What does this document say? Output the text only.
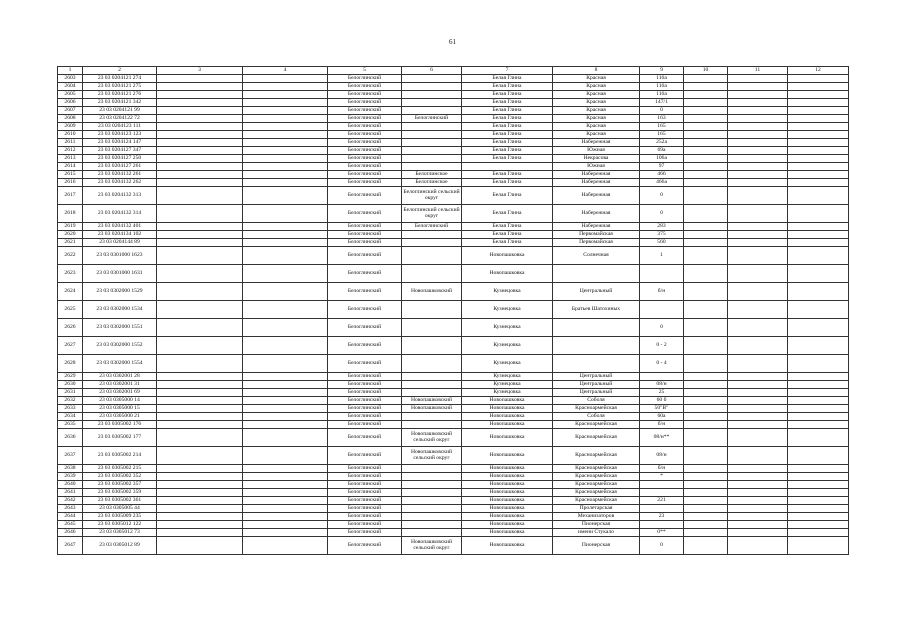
61
1	2	3	4	5	6	7	8	9	10	11	12
2603	23 03 0204121 274			Белоглинский		Белая Глина	Красная	116а			
2604	23 03 0204121 275			Белоглинский		Белая Глина	Красная	116а			
2605	23 03 0204121 276			Белоглинский		Белая Глина	Красная	116а			
2606	23 03 0204121 342			Белоглинский		Белая Глина	Красная	147/1			
2607	23 03 0204121 99			Белоглинский		Белая Глина	Красная	0			
2608	23 03 0204122 72			Белоглинский	Белоглинский	Белая Глина	Красная	163			
2609	23 03 0204123 111			Белоглинский		Белая Глина	Красная	165			
2610	23 03 0204123 123			Белоглинский		Белая Глина	Красная	165			
2611	23 03 0204124 147			Белоглинский		Белая Глина	Набережная	252а			
2612	23 03 0204127 347			Белоглинский		Белая Глина	Южная	69а			
2613	23 03 0204127 250			Белоглинский		Белая Глина	Некрасова	106а			
2614	23 03 0204127 261			Белоглинский			Южная	97			
2615	23 03 0204132 261			Белоглинский	Белоглинское	Белая Глина	Набережная	466			
2616	23 03 0204132 262			Белоглинский	Белоглинское	Белая Глина	Набережная	466а			
2617	23 03 0204132 313			Белоглинский	Белоглинский сельский округ	Белая Глина	Набережная	0			
2618	23 03 0204132 314			Белоглинский	Белоглинский сельский округ	Белая Глина	Набережная	0			
2619	23 03 0204132 401			Белоглинский	Белоглинский	Белая Глина	Набережная	283			
2620	23 03 0204134 102			Белоглинский		Белая Глина	Первомайская	375			
2621	23 03 0204144 89			Белоглинский		Белая Глина	Первомайская	560			
2622	23 03 0301000 1623			Белоглинский		Новопашковка	Солнечная	1			
2623	23 03 0301000 1631			Белоглинский		Новопашковка					
2624	23 03 0302000 1529			Белоглинский	Новопашковский	Кузнецовка	Центральный	б/н			
2625	23 03 0302000 1534			Белоглинский		Кузнецовка	Братьев Шатохиных				
2626	23 03 0302000 1551			Белоглинский		Кузнецовка		0			
2627	23 03 0302000 1552			Белоглинский		Кузнецовка		0 - 2			
2628	23 03 0302000 1554			Белоглинский		Кузнецовка		0 - 4			
2629	23 03 0302001 28			Белоглинский		Кузнецовка	Центральный				
2630	23 03 0302001 31			Белоглинский		Кузнецовка	Центральный	08/н			
2631	23 03 0302001 69			Белоглинский		Кузнецовка	Центральный	25			
2632	23 03 0305000 14			Белоглинский	Новопашковский	Новопашковка	Соболя	60 б			
2633	23 03 0305000 15			Белоглинский	Новопашковский	Новопашковка	Красноармейская	50"В"			
2634	23 03 0305000 21			Белоглинский		Новопашковка	Соболя	60а			
2635	23 03 0305002 176			Белоглинский		Новопашковка	Красноармейская	б/н			
2636	23 03 0305002 177			Белоглинский	Новопашковский сельский округ	Новопашковка	Красноармейская	08/н**			
2637	23 03 0305002 214			Белоглинский	Новопашковский сельский округ	Новопашковка	Красноармейская	08/н			
2638	23 03 0305002 215			Белоглинский		Новопашковка	Красноармейская	б/н			
2639	23 03 0305002 352			Белоглинский		Новопашковка	Красноармейская	*			
2640	23 03 0305002 357			Белоглинский		Новопашковка	Красноармейская				
2641	23 03 0305002 359			Белоглинский		Новопашковка	Красноармейская				
2642	23 03 0305002 361			Белоглинский		Новопашковка	Красноармейская	221			
2643	23 03 0305005 44			Белоглинский		Новопашковка	Пролетарская				
2644	23 03 0305009 235			Белоглинский		Новопашковка	Механизаторов	23			
2645	23 03 0305012 122			Белоглинский		Новопашковка	Пионерская				
2646	23 03 0305012 73			Белоглинский		Новопашковка	имени Стукало	0**			
2647	23 03 0305012 89			Белоглинский	Новопашковский сельский округ	Новопашковка	Пионерская	0			
